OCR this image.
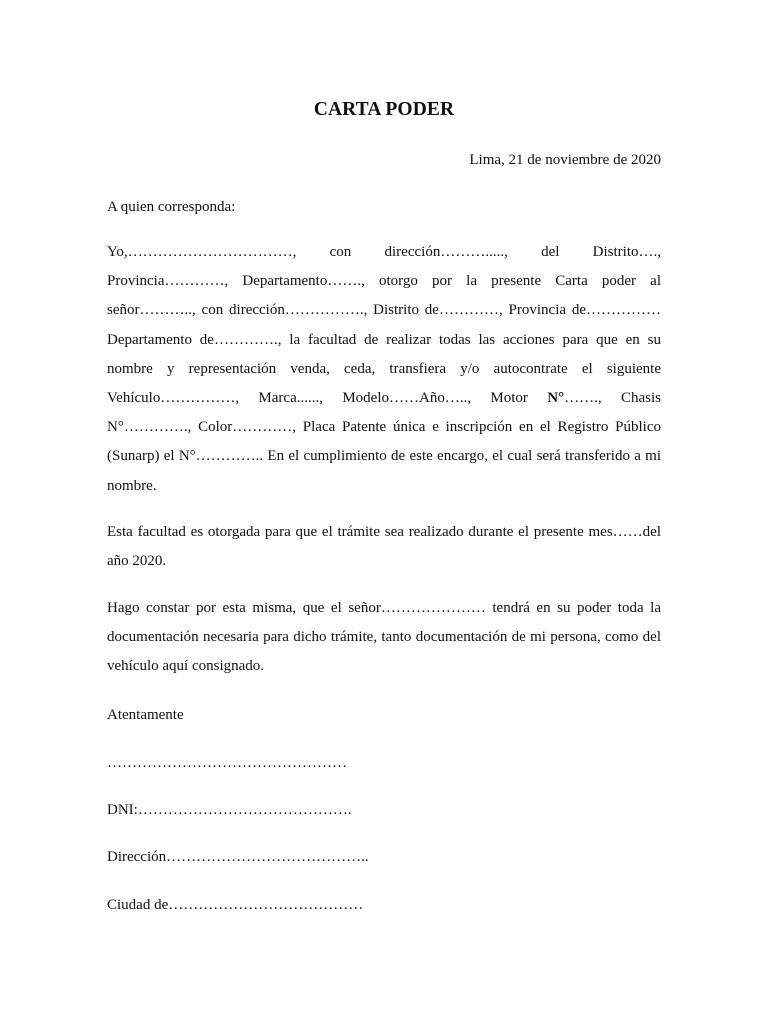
CARTA PODER
Lima, 21 de noviembre de 2020
A quien corresponda:

Yo,……………………………, con dirección………....., del Distrito…., Provincia…………, Departamento……., otorgo por la presente Carta poder al señor……….., con dirección……………., Distrito de…………, Provincia de…………… Departamento de…………., la facultad de realizar todas las acciones para que en su nombre y representación venda, ceda, transfiera y/o autocontrate el siguiente Vehículo……………, Marca......, Modelo……Año….., Motor N°……., Chasis N°…………., Color…………, Placa Patente única e inscripción en el Registro Público (Sunarp) el N°………….. En el cumplimiento de este encargo, el cual será transferido a mi nombre.

Esta facultad es otorgada para que el trámite sea realizado durante el presente mes……del año 2020.

Hago constar por esta misma, que el señor………………… tendrá en su poder toda la documentación necesaria para dicho trámite, tanto documentación de mi persona, como del vehículo aquí consignado.

Atentamente
…………………………………………
DNI:…………………………………….
Dirección…………………………………..
Ciudad de…………………………………
